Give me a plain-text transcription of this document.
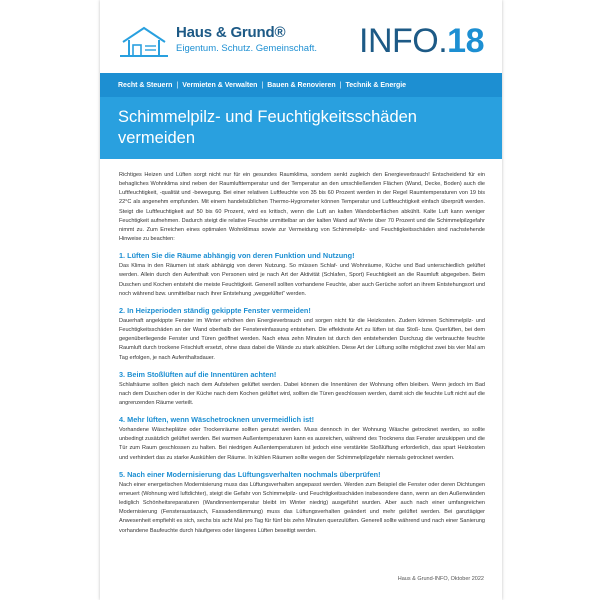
Haus & Grund®
Eigentum. Schutz. Gemeinschaft. INFO.18
Recht & Steuern | Vermieten & Verwalten | Bauen & Renovieren | Technik & Energie
Schimmelpilz- und Feuchtigkeitsschäden
vermeiden

Richtiges Heizen und Lüften sorgt nicht nur für ein gesundes Raumklima, sondern senkt zugleich den Energieverbrauch! Entscheidend für ein behagliches Wohnklima sind neben der Raumlufttemperatur und der Temperatur an den umschließenden Flächen (Wand, Decke, Boden) auch die Luftfeuchtigkeit, -qualität und -bewegung. Bei einer relativen Luftfeuchte von 35 bis 60 Prozent werden in der Regel Raumtemperaturen von 19 bis 22°C als angenehm empfunden. Mit einem handelsüblichen Thermo-Hygrometer können Temperatur und Luftfeuchtigkeit einfach überprüft werden. Steigt die Luftfeuchtigkeit auf 50 bis 60 Prozent, wird es kritisch, wenn die Luft an kalten Wandoberflächen abkühlt. Kalte Luft kann weniger Feuchtigkeit aufnehmen. Dadurch steigt die relative Feuchte unmittelbar an der kalten Wand auf Werte über 70 Prozent und die Schimmelpilzgefahr nimmt zu. Zum Erreichen eines optimalen Wohnklimas sowie zur Vermeidung von Schimmelpilz- und Feuchtigkeitsschäden sind nachstehende Hinweise zu beachten:

1. Lüften Sie die Räume abhängig von deren Funktion und Nutzung!

Das Klima in den Räumen ist stark abhängig von deren Nutzung. So müssen Schlaf- und Wohnräume, Küche und Bad unterschiedlich gelüftet werden. Allein durch den Aufenthalt von Personen wird je nach Art der Aktivität (Schlafen, Sport) Feuchtigkeit an die Raumluft abgegeben. Beim Duschen und Kochen entsteht die meiste Feuchtigkeit. Generell sollten vorhandene Feuchte, aber auch Gerüche sofort an ihrem Entstehungsort und noch während bzw. unmittelbar nach ihrer Entstehung „weggelüftet“ werden.

2. In Heizperioden ständig gekippte Fenster vermeiden!

Dauerhaft angekippte Fenster im Winter erhöhen den Energieverbrauch und sorgen nicht für die Heizkosten. Zudem können Schimmelpilz- und Feuchtigkeitsschäden an der Wand oberhalb der Fenstereinfassung entstehen. Die effektivste Art zu lüften ist das Stoß- bzw. Querlüften, bei dem gegenüberliegende Fenster und Türen geöffnet werden. Nach etwa zehn Minuten ist durch den entstehenden Durchzug die verbrauchte feuchte Raumluft durch trockene Frischluft ersetzt, ohne dass dabei die Wände zu stark abkühlen. Diese Art der Lüftung sollte möglichst zwei bis vier Mal am Tag erfolgen, je nach Aufenthaltsdauer.

3. Beim Stoßlüften auf die Innentüren achten!

Schlafräume sollten gleich nach dem Aufstehen gelüftet werden. Dabei können die Innentüren der Wohnung offen bleiben. Wenn jedoch im Bad nach dem Duschen oder in der Küche nach dem Kochen gelüftet wird, sollten die Türen geschlossen werden, damit sich die feuchte Luft nicht auf die angrenzenden Räume verteilt.

4. Mehr lüften, wenn Wäschetrocknen unvermeidlich ist!

Vorhandene Wäscheplätze oder Trockenräume sollten genutzt werden. Muss dennoch in der Wohnung Wäsche getrocknet werden, so sollte unbedingt zusätzlich gelüftet werden. Bei warmen Außentemperaturen kann es ausreichen, während des Trocknens das Fenster anzukippen und die Tür zum Raum geschlossen zu halten. Bei niedrigen Außentemperaturen ist jedoch eine verstärkte Stoßlüftung erforderlich, das spart Heizkosten und verhindert das zu starke Auskühlen der Räume. In kühlen Räumen sollte wegen der Schimmelpilzgefahr niemals getrocknet werden.

5. Nach einer Modernisierung das Lüftungsverhalten nochmals überprüfen!

Nach einer energetischen Modernisierung muss das Lüftungsverhalten angepasst werden. Werden zum Beispiel die Fenster oder deren Dichtungen erneuert (Wohnung wird luftdichter), steigt die Gefahr von Schimmelpilz- und Feuchtigkeitsschäden insbesondere dann, wenn an den Außenwänden lediglich Schönheitsreparaturen (Wandinnentemperatur bleibt im Winter niedrig) ausgeführt wurden. Aber auch nach einer umfangreichen Modernisierung (Fensteraustausch, Fassadendämmung) muss das Lüftungsverhalten geändert und mehr gelüftet werden. Bei ganztägiger Anwesenheit empfiehlt es sich, sechs bis acht Mal pro Tag für fünf bis zehn Minuten querzulüften. Generell sollte während und nach einer Sanierung vorhandene Baufeuchte durch häufigeres oder längeres Lüften beseitigt werden.

Haus & Grund-INFO, Oktober 2022
